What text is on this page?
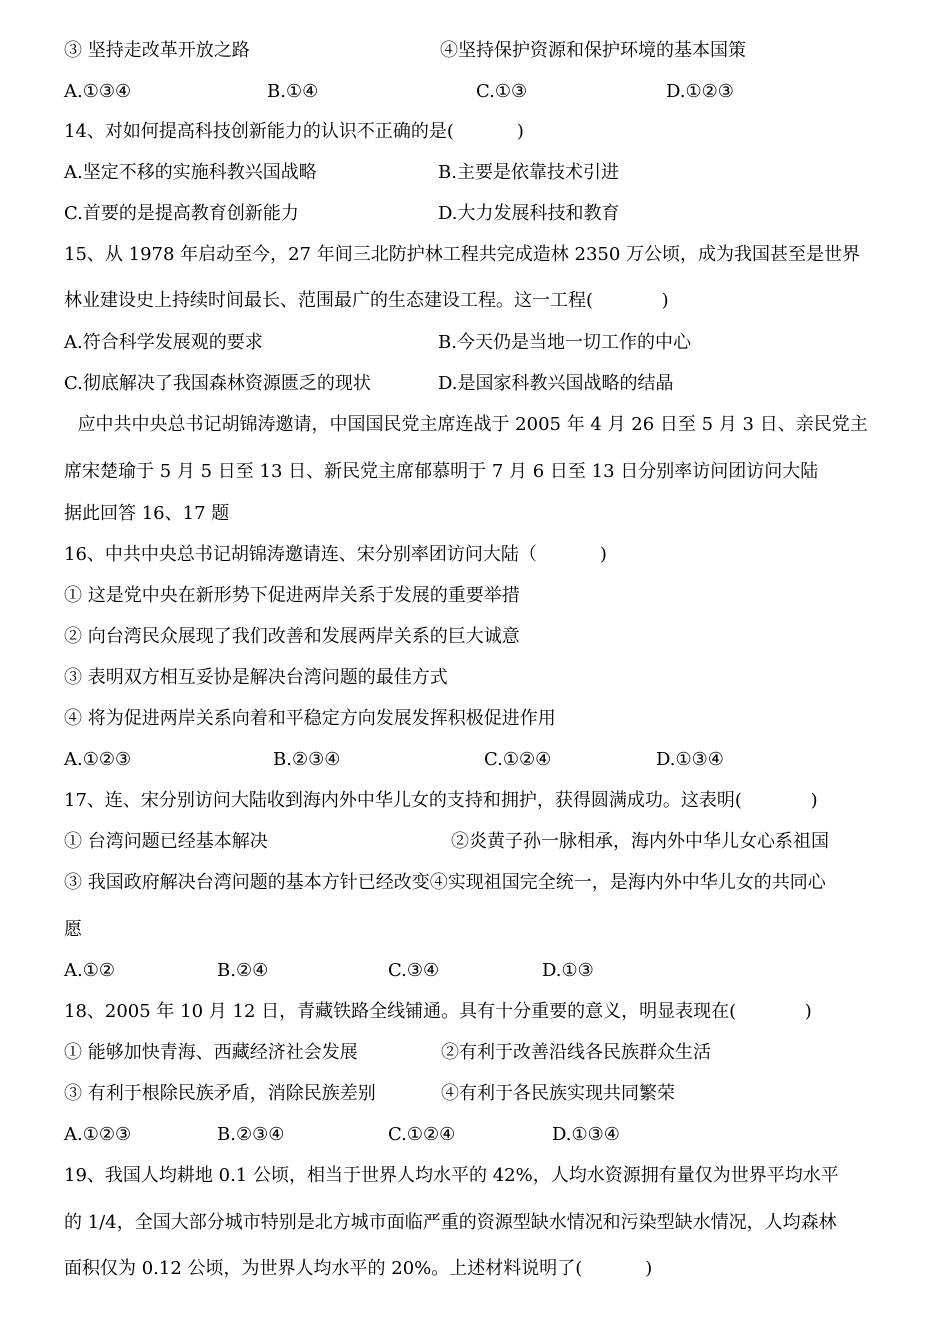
③ 坚持走改革开放之路	④坚持保护资源和保护环境的基本国策
A.①③④	B.①④	C.①③	D.①②③
14、对如何提高科技创新能力的认识不正确的是(           )
A.坚定不移的实施科教兴国战略	B.主要是依靠技术引进
C.首要的是提高教育创新能力	D.大力发展科技和教育
15、从 1978 年启动至今，27 年间三北防护林工程共完成造林 2350 万公顷，成为我国甚至是世界
林业建设史上持续时间最长、范围最广的生态建设工程。这一工程(            )
A.符合科学发展观的要求	B.今天仍是当地一切工作的中心
C.彻底解决了我国森林资源匮乏的现状	D.是国家科教兴国战略的结晶
应中共中央总书记胡锦涛邀请，中国国民党主席连战于 2005 年 4 月 26 日至 5 月 3 日、亲民党主
席宋楚瑜于 5 月 5 日至 13 日、新民党主席郁慕明于 7 月 6 日至 13 日分别率访问团访问大陆
据此回答 16、17 题
16、中共中央总书记胡锦涛邀请连、宋分别率团访问大陆（           )
① 这是党中央在新形势下促进两岸关系于发展的重要举措
② 向台湾民众展现了我们改善和发展两岸关系的巨大诚意
③ 表明双方相互妥协是解决台湾问题的最佳方式
④ 将为促进两岸关系向着和平稳定方向发展发挥积极促进作用
A.①②③	B.②③④	C.①②④	D.①③④
17、连、宋分别访问大陆收到海内外中华儿女的支持和拥护，获得圆满成功。这表明(            )
① 台湾问题已经基本解决	②炎黄子孙一脉相承，海内外中华儿女心系祖国
③ 我国政府解决台湾问题的基本方针已经改变④实现祖国完全统一，是海内外中华儿女的共同心
愿
A.①②	B.②④	C.③④	D.①③
18、2005 年 10 月 12 日，青藏铁路全线铺通。具有十分重要的意义，明显表现在(            )
① 能够加快青海、西藏经济社会发展	②有利于改善沿线各民族群众生活
③ 有利于根除民族矛盾，消除民族差别	④有利于各民族实现共同繁荣
A.①②③	B.②③④	C.①②④	D.①③④
19、我国人均耕地 0.1 公顷，相当于世界人均水平的 42%，人均水资源拥有量仅为世界平均水平
的 1/4，全国大部分城市特别是北方城市面临严重的资源型缺水情况和污染型缺水情况，人均森林
面积仅为 0.12 公顷，为世界人均水平的 20%。上述材料说明了(           )
